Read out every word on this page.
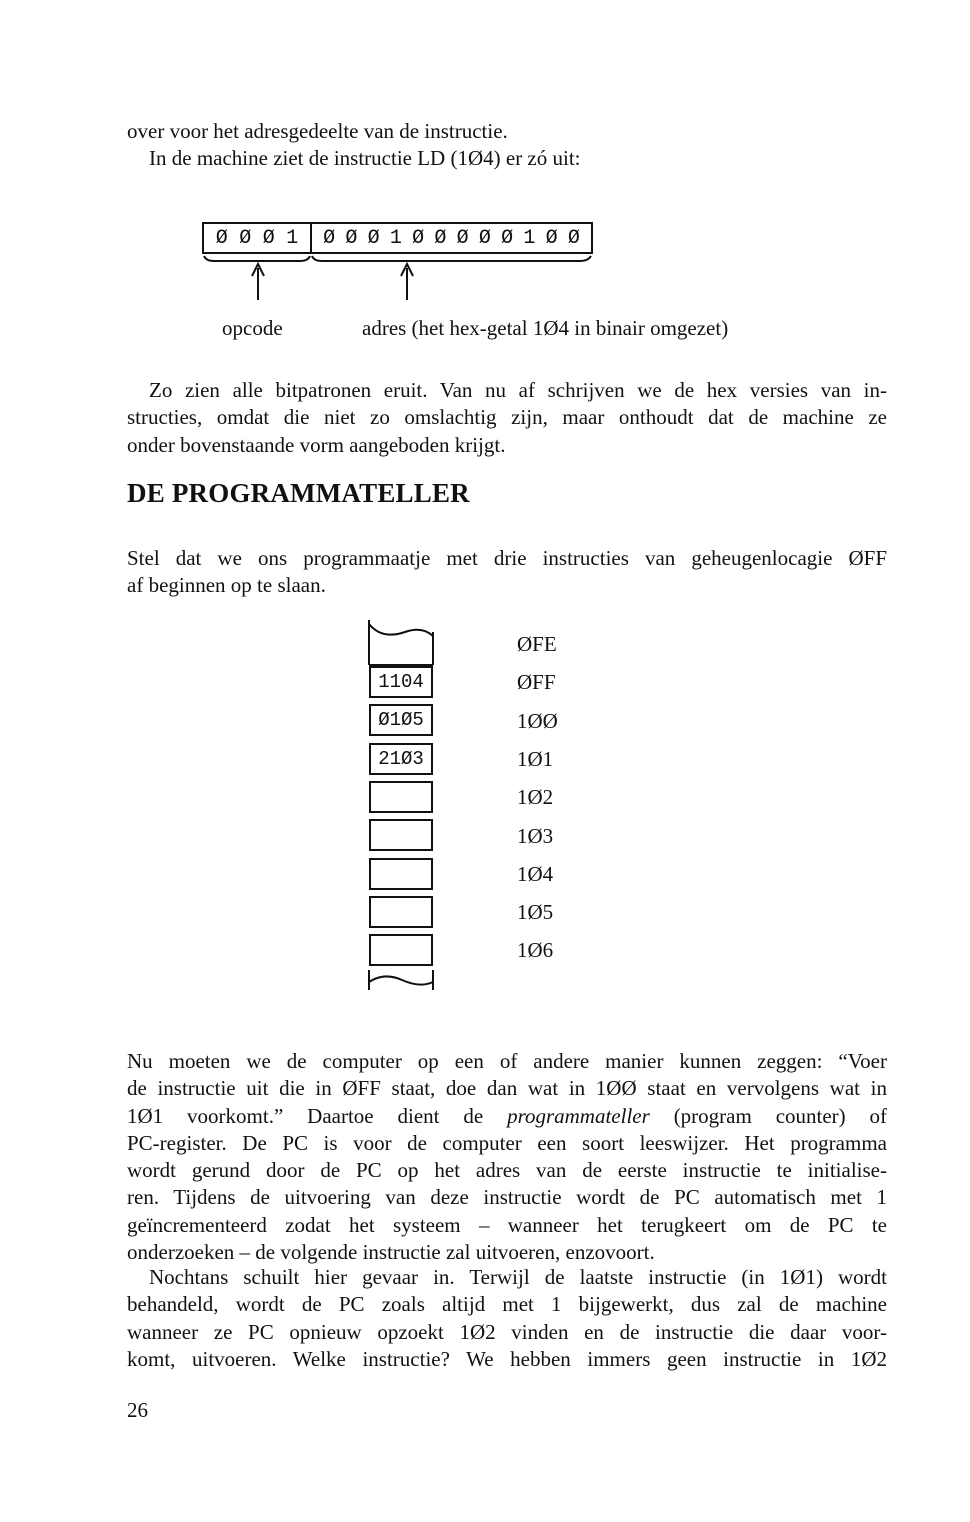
over voor het adresgedeelte van de instructie.
In de machine ziet de instructie LD (1Ø4) er zó uit:
Ø Ø Ø 1 Ø Ø Ø 1 Ø Ø Ø Ø Ø 1 Ø Ø
opcode	adres (het hex-getal 1Ø4 in binair omgezet)
Zo zien alle bitpatronen eruit. Van nu af schrijven we de hex versies van in-
structies, omdat die niet zo omslachtig zijn, maar onthoudt dat de machine ze
onder bovenstaande vorm aangeboden krijgt.
DE PROGRAMMATELLER
Stel dat we ons programmaatje met drie instructies van geheugenlocagie ØFF
af beginnen op te slaan.
1104
Ø1Ø5
21Ø3
ØFE
ØFF
1ØØ
1Ø1
1Ø2
1Ø3
1Ø4
1Ø5
1Ø6
Nu moeten we de computer op een of andere manier kunnen zeggen: “Voer
de instructie uit die in ØFF staat, doe dan wat in 1ØØ staat en vervolgens wat in
1Ø1 voorkomt.” Daartoe dient de programmateller (program counter) of
PC-register. De PC is voor de computer een soort leeswijzer. Het programma
wordt gerund door de PC op het adres van de eerste instructie te initialise-
ren. Tijdens de uitvoering van deze instructie wordt de PC automatisch met 1
geïncrementeerd zodat het systeem – wanneer het terugkeert om de PC te
onderzoeken – de volgende instructie zal uitvoeren, enzovoort.
Nochtans schuilt hier gevaar in. Terwijl de laatste instructie (in 1Ø1) wordt
behandeld, wordt de PC zoals altijd met 1 bijgewerkt, dus zal de machine
wanneer ze PC opnieuw opzoekt 1Ø2 vinden en de instructie die daar voor-
komt, uitvoeren. Welke instructie? We hebben immers geen instructie in 1Ø2
26
